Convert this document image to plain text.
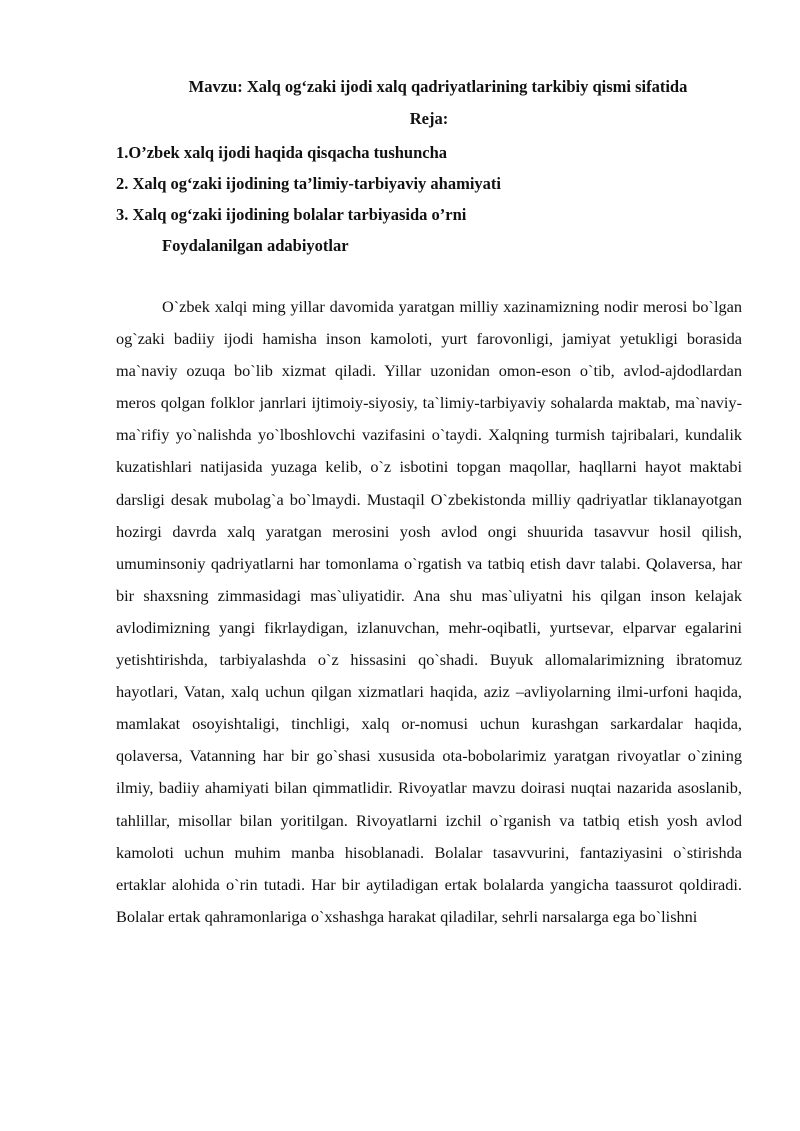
Mavzu: Xalq og‘zaki ijodi xalq qadriyatlarining tarkibiy qismi sifatida
Reja:

1.O’zbek xalq ijodi haqida qisqacha tushuncha

2. Xalq og‘zaki ijodining ta’limiy-tarbiyaviy ahamiyati

3. Xalq og‘zaki ijodining bolalar tarbiyasida o’rni

Foydalanilgan adabiyotlar

O`zbek xalqi ming yillar davomida yaratgan milliy xazinamizning nodir merosi bo`lgan og`zaki badiiy ijodi hamisha inson kamoloti, yurt farovonligi, jamiyat yetukligi borasida ma`naviy ozuqa bo`lib xizmat qiladi. Yillar uzonidan omon-eson o`tib, avlod-ajdodlardan meros qolgan folklor janrlari ijtimoiy-siyosiy, ta`limiy-tarbiyaviy sohalarda maktab, ma`naviy-ma`rifiy yo`nalishda yo`lboshlovchi vazifasini o`taydi. Xalqning turmish tajribalari, kundalik kuzatishlari natijasida yuzaga kelib, o`z isbotini topgan maqollar, haqllarni hayot maktabi darsligi desak mubolag`a bo`lmaydi. Mustaqil O`zbekistonda milliy qadriyatlar tiklanayotgan hozirgi davrda xalq yaratgan merosini yosh avlod ongi shuurida tasavvur hosil qilish, umuminsoniy qadriyatlarni har tomonlama o`rgatish va tatbiq etish davr talabi. Qolaversa, har bir shaxsning zimmasidagi mas`uliyatidir. Ana shu mas`uliyatni his qilgan inson kelajak avlodimizning yangi fikrlaydigan, izlanuvchan, mehr-oqibatli, yurtsevar, elparvar egalarini yetishtirishda, tarbiyalashda o`z hissasini qo`shadi. Buyuk allomalarimizning ibratomuz hayotlari, Vatan, xalq uchun qilgan xizmatlari haqida, aziz –avliyolarning ilmi-urfoni haqida, mamlakat osoyishtaligi, tinchligi, xalq or-nomusi uchun kurashgan sarkardalar haqida, qolaversa, Vatanning har bir go`shasi xususida ota-bobolarimiz yaratgan rivoyatlar o`zining ilmiy, badiiy ahamiyati bilan qimmatlidir. Rivoyatlar mavzu doirasi nuqtai nazarida asoslanib, tahlillar, misollar bilan yoritilgan. Rivoyatlarni izchil o`rganish va tatbiq etish yosh avlod kamoloti uchun muhim manba hisoblanadi. Bolalar tasavvurini, fantaziyasini o`stirishda ertaklar alohida o`rin tutadi. Har bir aytiladigan ertak bolalarda yangicha taassurot qoldiradi. Bolalar ertak qahramonlariga o`xshashga harakat qiladilar, sehrli narsalarga ega bo`lishni
